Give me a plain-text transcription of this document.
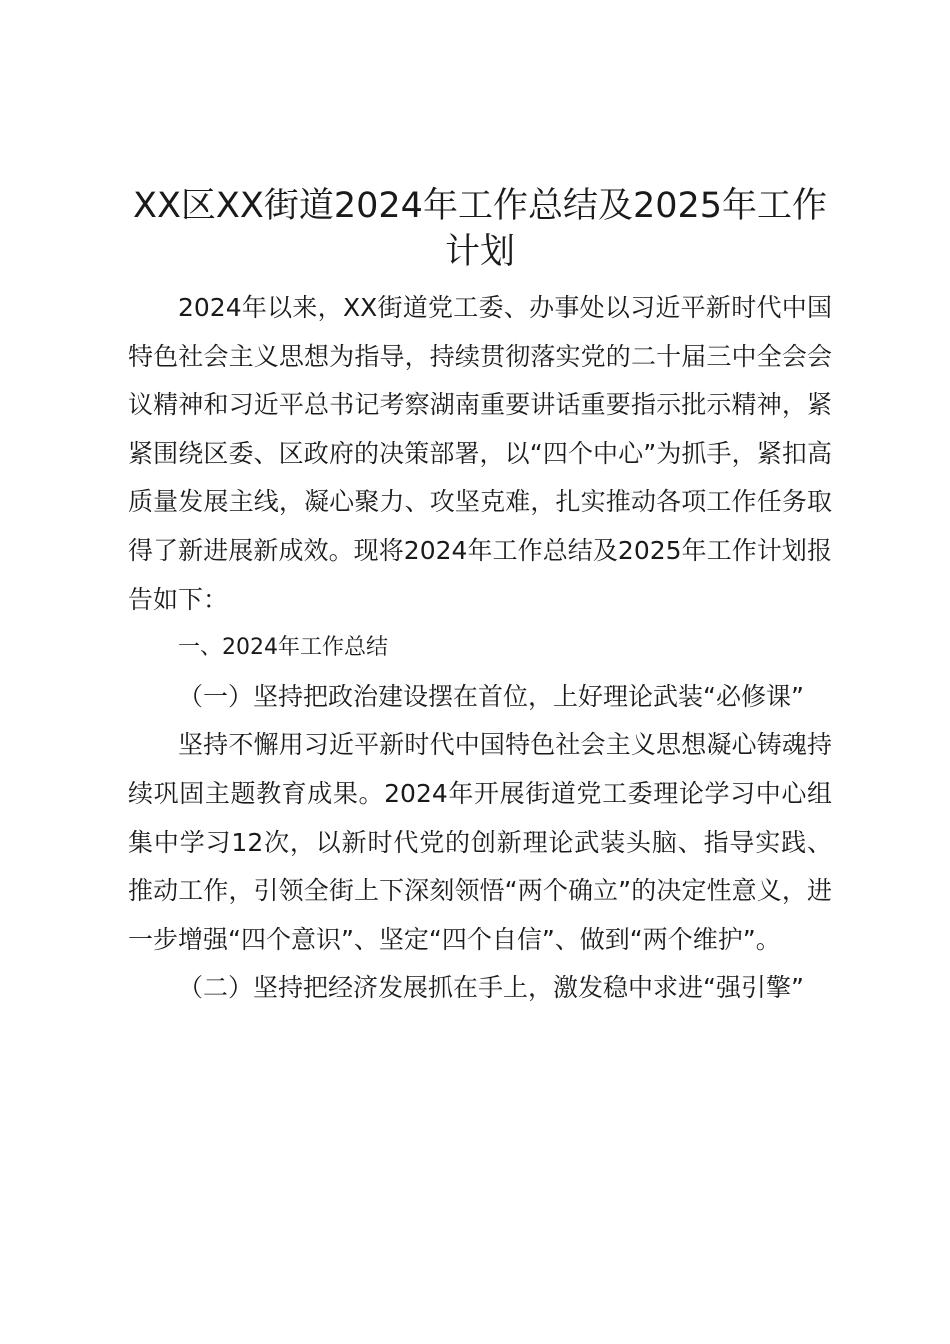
XX区XX街道2024年工作总结及2025年工作计划

2024年以来，XX街道党工委、办事处以习近平新时代中国特色社会主义思想为指导，持续贯彻落实党的二十届三中全会会议精神和习近平总书记考察湖南重要讲话重要指示批示精神，紧紧围绕区委、区政府的决策部署，以“四个中心”为抓手，紧扣高质量发展主线，凝心聚力、攻坚克难，扎实推动各项工作任务取得了新进展新成效。现将2024年工作总结及2025年工作计划报告如下：

一、2024年工作总结

（一）坚持把政治建设摆在首位，上好理论武装“必修课”

坚持不懈用习近平新时代中国特色社会主义思想凝心铸魂持续巩固主题教育成果。2024年开展街道党工委理论学习中心组集中学习12次，以新时代党的创新理论武装头脑、指导实践、推动工作，引领全街上下深刻领悟“两个确立”的决定性意义，进一步增强“四个意识”、坚定“四个自信”、做到“两个维护”。

（二）坚持把经济发展抓在手上，激发稳中求进“强引擎”
